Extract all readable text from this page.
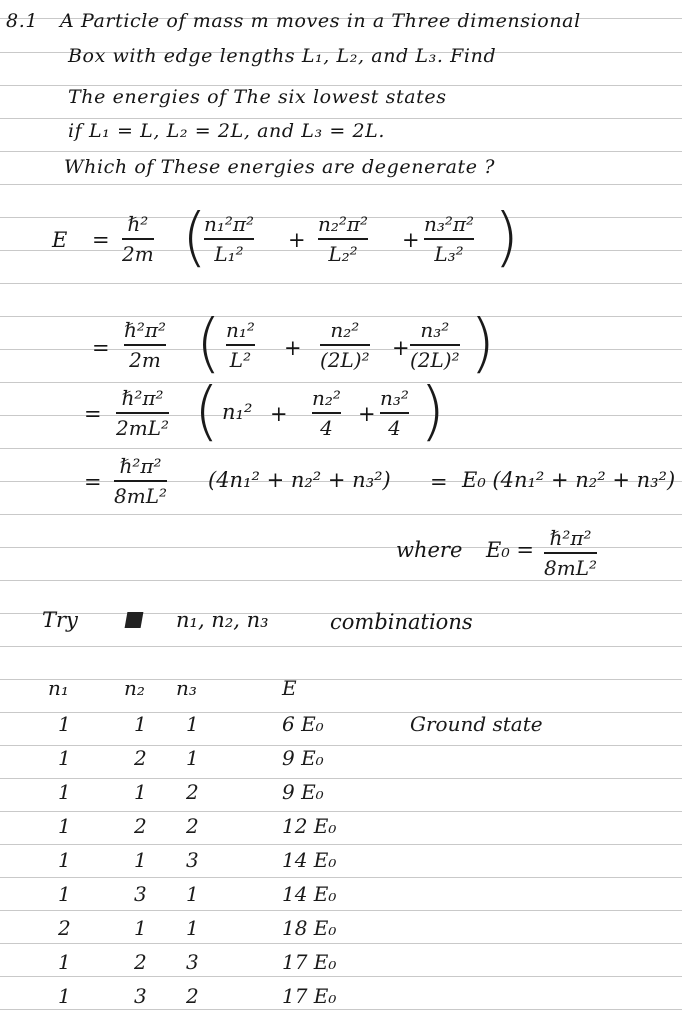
8.1 A Particle of mass m moves in a Three dimensional
Box with edge lengths L₁, L₂, and L₃. Find
The energies of The six lowest states
if L₁ = L, L₂ = 2L, and L₃ = 2L.
Which of These energies are degenerate ?
E =
ℏ²
2m (
n₁²π²
L₁²
+
n₂²π²
L₂²
+
n₃²π²
L₃² )
=
ℏ²π²
2m ( n₁²
L² +
n₂²
(2L)² +
n₃²
(2L)² )
=
ℏ²π²
2mL² ( n₁² +
n₂²
4
+
n₃²
4 )
=
ℏ²π²
8mL²
(4n₁² + n₂² + n₃²) = E₀ (4n₁² + n₂² + n₃²)
where E₀ = ℏ²π²
8mL²
Try	n₁, n₂, n₃	combinations
n₁	n₂ n₃	E
1	1 1	6 E₀	Ground state
1	2 1	9 E₀
1	1 2	9 E₀
1	2 2	12 E₀
1	1 3	14 E₀
1	3 1	14 E₀
2	1 1	18 E₀
1	2 3	17 E₀
1	3 2	17 E₀
